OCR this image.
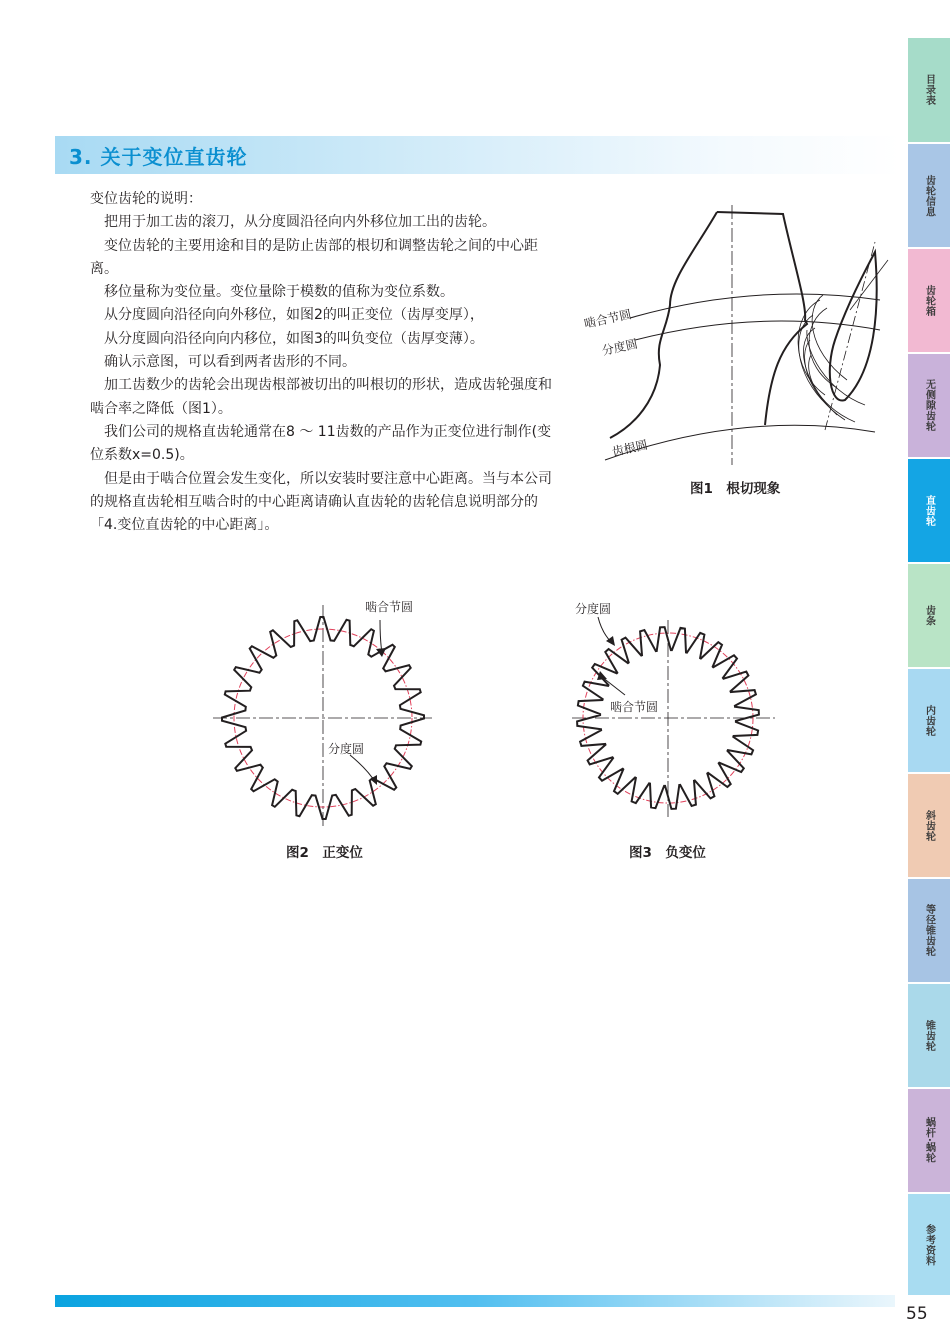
3. 关于变位直齿轮

变位齿轮的说明：

把用于加工齿的滚刀，从分度圆沿径向内外移位加工出的齿轮。

变位齿轮的主要用途和目的是防止齿部的根切和调整齿轮之间的中心距离。

移位量称为变位量。变位量除于模数的值称为变位系数。

从分度圆向沿径向向外移位，如图2的叫正变位（齿厚变厚），

从分度圆向沿径向向内移位，如图3的叫负变位（齿厚变薄）。

确认示意图，可以看到两者齿形的不同。

加工齿数少的齿轮会出现齿根部被切出的叫根切的形状，造成齿轮强度和啮合率之降低（图1）。

我们公司的规格直齿轮通常在8 ～ 11齿数的产品作为正变位进行制作(变位系数x=0.5)。

但是由于啮合位置会发生变化，所以安装时要注意中心距离。当与本公司的规格直齿轮相互啮合时的中心距离请确认直齿轮的齿轮信息说明部分的「4.变位直齿轮的中心距离」。

啮合节圆
分度圆
齿根圆
图1　根切现象
啮合节圆
分度圆
图2　正变位
分度圆
啮合节圆
图3　负变位
目录表
齿轮信息
齿轮箱
无侧隙齿轮
直齿轮
齿条
内齿轮
斜齿轮
等径锥齿轮
锥齿轮
蜗杆·蜗轮
参考资料
55
